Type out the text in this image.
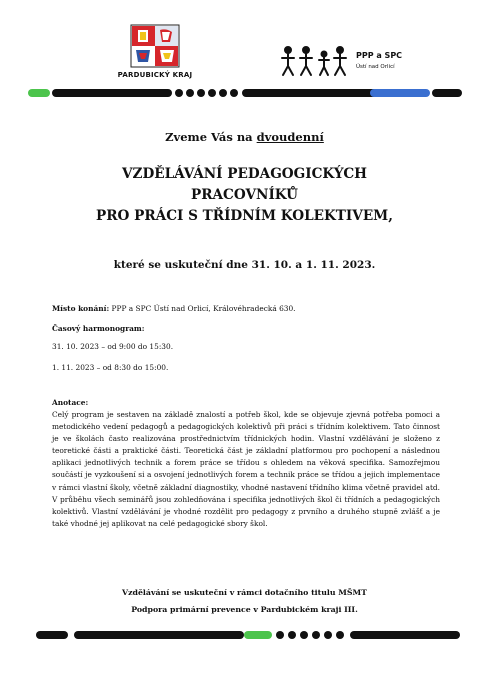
PARDUBICKÝ KRAJ
PPP a SPC
Ústí nad Orlicí
Zveme Vás na dvoudenní
VZDĚLÁVÁNÍ PEDAGOGICKÝCH
PRACOVNÍKŮ
PRO PRÁCI S TŘÍDNÍM KOLEKTIVEM,
které se uskuteční dne 31. 10. a 1. 11. 2023.
Místo konání: PPP a SPC Ústí nad Orlicí, Královéhradecká 630.
Časový harmonogram:
31. 10. 2023 – od 9:00 do 15:30.
1. 11. 2023 – od 8:30 do 15:00.
Anotace:
Celý program je sestaven na základě znalostí a potřeb škol, kde se objevuje zjevná potřeba pomoci a metodického vedení pedagogů a pedagogických kolektivů při práci s třídním kolektivem. Tato činnost je ve školách často realizována prostřednictvím třídnických hodin. Vlastní vzdělávání je složeno z teoretické části a praktické části. Teoretická část je základní platformou pro pochopení a následnou aplikaci jednotlivých technik a forem práce se třídou s ohledem na věková specifika. Samozřejmou součástí je vyzkoušení si a osvojení jednotlivých forem a technik práce se třídou a jejich implementace v rámci vlastní školy, včetně základní diagnostiky, vhodné nastavení třídního klima včetně pravidel atd. V průběhu všech seminářů jsou zohledňována i specifika jednotlivých škol či třídních a pedagogických kolektivů. Vlastní vzdělávání je vhodné rozdělit pro pedagogy z prvního a druhého stupně zvlášť a je také vhodné jej aplikovat na celé pedagogické sbory škol.
Vzdělávání se uskuteční v rámci dotačního titulu MŠMT
Podpora primární prevence v Pardubickém kraji III.
